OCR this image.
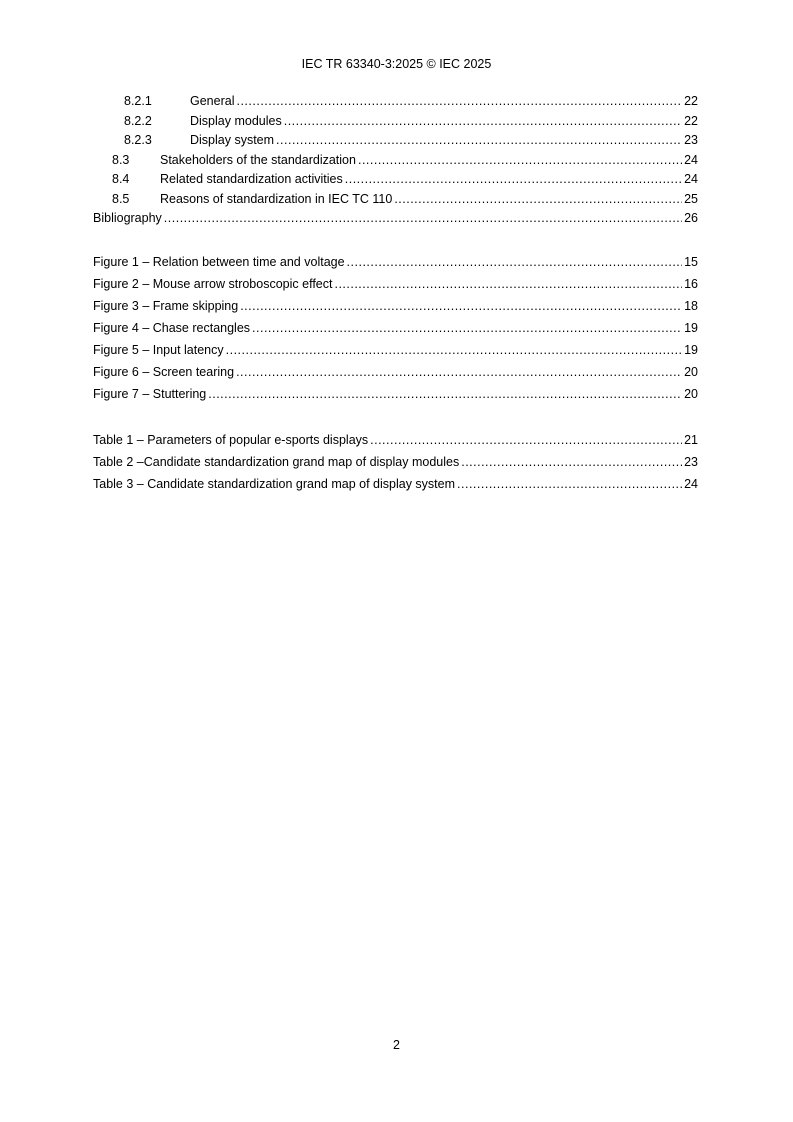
IEC TR 63340-3:2025 © IEC 2025
8.2.1	General .....	22
8.2.2	Display modules .....	22
8.2.3	Display system .....	23
8.3	Stakeholders of the standardization .....	24
8.4	Related standardization activities .....	24
8.5	Reasons of standardization in IEC TC 110 .....	25
Bibliography .....	26
Figure 1 – Relation between time and voltage .....	15
Figure 2 – Mouse arrow stroboscopic effect .....	16
Figure 3 – Frame skipping .....	18
Figure 4 – Chase rectangles .....	19
Figure 5 – Input latency .....	19
Figure 6 – Screen tearing .....	20
Figure 7 – Stuttering .....	20
Table 1 – Parameters of popular e-sports displays .....	21
Table 2 –Candidate standardization grand map of display modules .....	23
Table 3 – Candidate standardization grand map of display system .....	24
2
